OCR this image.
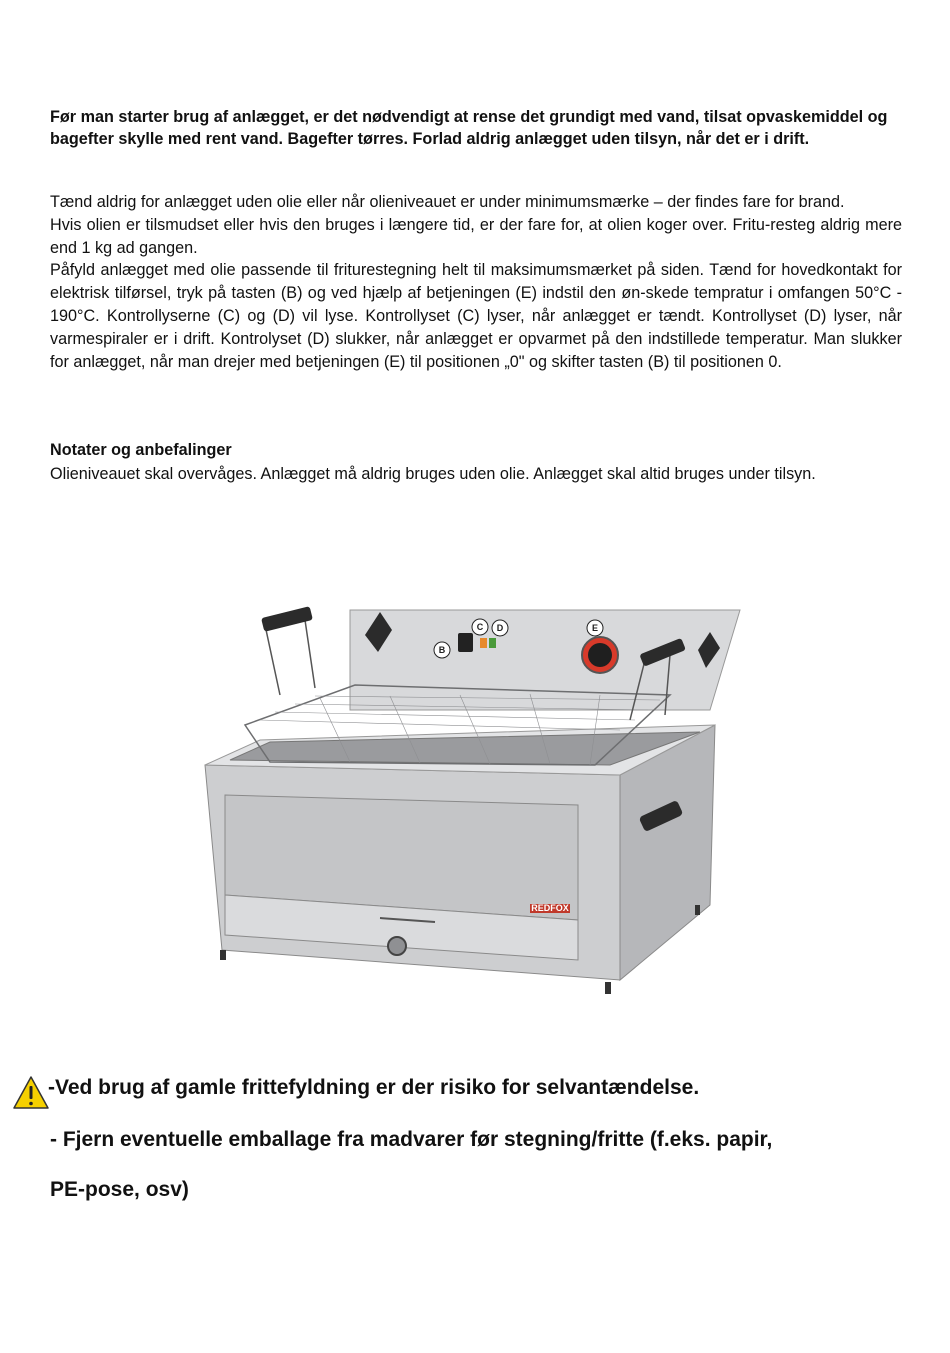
Før man starter brug af anlægget, er det nødvendigt at rense det grundigt med vand, tilsat opvaskemiddel og bagefter skylle med rent vand. Bagefter tørres. Forlad aldrig anlægget uden tilsyn, når det er i drift.

Tænd aldrig for anlægget uden olie eller når olieniveauet er under minimumsmærke – der findes fare for brand.

Hvis olien er tilsmudset eller hvis den bruges i længere tid, er der fare for, at olien koger over. Fritu-resteg aldrig mere end 1 kg ad gangen.

Påfyld anlægget med olie passende til friturestegning helt til maksimumsmærket på siden. Tænd for hovedkontakt for elektrisk tilførsel, tryk på tasten (B) og ved hjælp af betjeningen (E) indstil den øn-skede tempratur i omfangen 50°C - 190°C. Kontrollyserne (C) og (D) vil lyse. Kontrollyset (C) lyser, når anlægget er tændt. Kontrollyset (D) lyser, når varmespiraler er i drift. Kontrolyset (D) slukker, når anlægget er opvarmet på den indstillede temperatur. Man slukker for anlægget, når man drejer med betjeningen (E) til positionen „0" og skifter tasten (B) til positionen 0.

Notater og anbefalinger

Olieniveauet skal overvåges. Anlægget må aldrig bruges uden olie. Anlægget skal altid bruges under tilsyn.

REDFOX
B
C D	E

-Ved brug af gamle frittefyldning er der risiko for selvantændelse.

- Fjern eventuelle emballage fra madvarer før stegning/fritte (f.eks. papir,

PE-pose, osv)
